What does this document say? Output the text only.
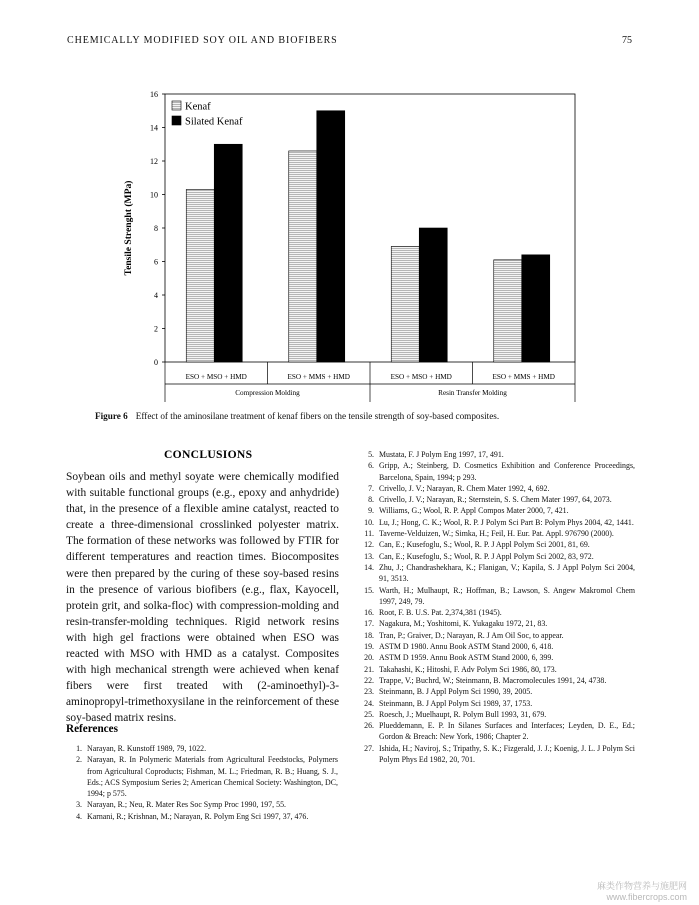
CHEMICALLY MODIFIED SOY OIL AND BIOFIBERS	75
0
2
4
6
8
10
12
14
16
Tensile Strenght (MPa)
ESO + MSO + HMD	ESO + MMS + HMD	ESO + MSO + HMD	ESO + MMS + HMD
Compression Molding	Resin Transfer Molding
Kenaf
Silated Kenaf
Figure 6 Effect of the aminosilane treatment of kenaf fibers on the tensile strength of soy-based composites.
CONCLUSIONS
Soybean oils and methyl soyate were chemically modified with suitable functional groups (e.g., epoxy and anhydride) that, in the presence of a flexible amine catalyst, reacted to create a three-dimensional crosslinked polyester matrix. The formation of these networks was followed by FTIR for different temperatures and reaction times. Biocomposites were then prepared by the curing of these soy-based resins in the presence of various biofibers (e.g., flax, Kayocell, protein grit, and solka-floc) with compression-molding and resin-transfer-molding techniques. Rigid network resins with high gel fractions were obtained when ESO was reacted with MSO with HMD as a catalyst. Composites with high mechanical strength were achieved when kenaf fibers were first treated with (2-aminoethyl)-3-aminopropyl-trimethoxysilane in the reinforcement of these soy-based matrix resins.
References
1. Narayan, R. Kunstoff 1989, 79, 1022.
2. Narayan, R. In Polymeric Materials from Agricultural Feedstocks, Polymers from Agricultural Coproducts; Fishman, M. L.; Friedman, R. B.; Huang, S. J., Eds.; ACS Symposium Series 2; American Chemical Society: Washington, DC, 1994; p 575.
3. Narayan, R.; Neu, R. Mater Res Soc Symp Proc 1990, 197, 55.
4. Karnani, R.; Krishnan, M.; Narayan, R. Polym Eng Sci 1997, 37, 476.
5. Mustata, F. J Polym Eng 1997, 17, 491.
6. Gripp, A.; Steinberg, D. Cosmetics Exhibition and Conference Proceedings, Barcelona, Spain, 1994; p 293.
7. Crivello, J. V.; Narayan, R. Chem Mater 1992, 4, 692.
8. Crivello, J. V.; Narayan, R.; Sternstein, S. S. Chem Mater 1997, 64, 2073.
9. Williams, G.; Wool, R. P. Appl Compos Mater 2000, 7, 421.
10. Lu, J.; Hong, C. K.; Wool, R. P. J Polym Sci Part B: Polym Phys 2004, 42, 1441.
11. Taverne-Velduizen, W.; Simka, H.; Feil, H. Eur. Pat. Appl. 976790 (2000).
12. Can, E.; Kusefoglu, S.; Wool, R. P. J Appl Polym Sci 2001, 81, 69.
13. Can, E.; Kusefoglu, S.; Wool, R. P. J Appl Polym Sci 2002, 83, 972.
14. Zhu, J.; Chandrashekhara, K.; Flanigan, V.; Kapila, S. J Appl Polym Sci 2004, 91, 3513.
15. Warth, H.; Mulhaupt, R.; Hoffman, B.; Lawson, S. Angew Makromol Chem 1997, 249, 79.
16. Root, F. B. U.S. Pat. 2,374,381 (1945).
17. Nagakura, M.; Yoshitomi, K. Yukagaku 1972, 21, 83.
18. Tran, P.; Graiver, D.; Narayan, R. J Am Oil Soc, to appear.
19. ASTM D 1980. Annu Book ASTM Stand 2000, 6, 418.
20. ASTM D 1959. Annu Book ASTM Stand 2000, 6, 399.
21. Takahashi, K.; Hitoshi, F. Adv Polym Sci 1986, 80, 173.
22. Trappe, V.; Buchrd, W.; Steinmann, B. Macromolecules 1991, 24, 4738.
23. Steinmann, B. J Appl Polym Sci 1990, 39, 2005.
24. Steinmann, B. J Appl Polym Sci 1989, 37, 1753.
25. Roesch, J.; Muelhaupt, R. Polym Bull 1993, 31, 679.
26. Plueddemann, E. P. In Silanes Surfaces and Interfaces; Leyden, D. E., Ed.; Gordon & Breach: New York, 1986; Chapter 2.
27. Ishida, H.; Naviroj, S.; Tripathy, S. K.; Fizgerald, J. J.; Koenig, J. L. J Polym Sci Polym Phys Ed 1982, 20, 701.
麻类作物营养与施肥网
www.fibercrops.com
